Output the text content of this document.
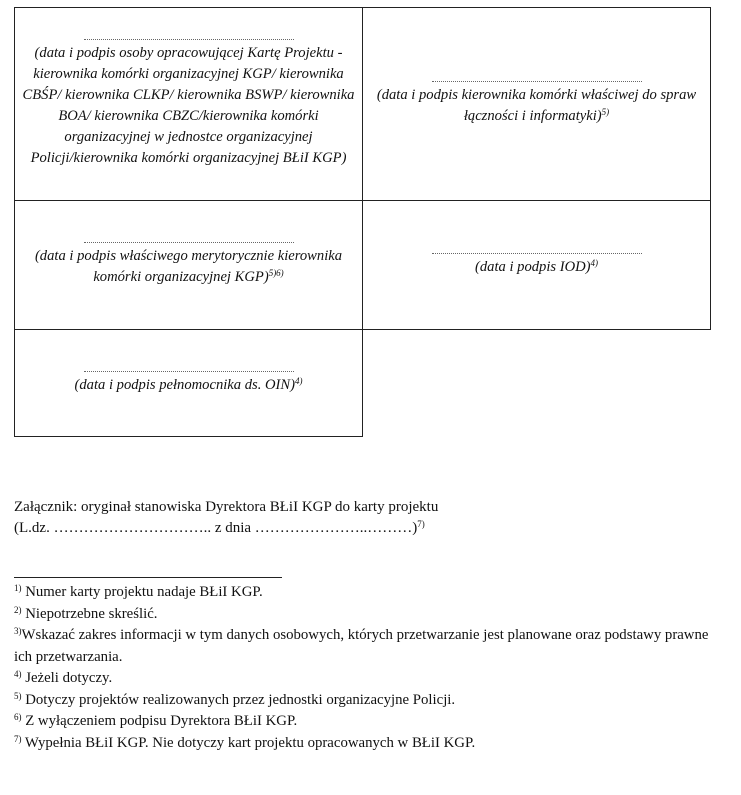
(data i podpis osoby opracowującej Kartę Projektu - kierownika komórki organizacyjnej KGP/ kierownika CBŚP/ kierownika CLKP/ kierownika BSWP/ kierownika BOA/ kierownika CBZC/kierownika komórki organizacyjnej w jednostce organizacyjnej Policji/kierownika komórki organizacyjnej BŁiI KGP)	(data i podpis kierownika komórki właściwej do spraw łączności i informatyki)$^{5)}$

(data i podpis właściwego merytorycznie kierownika komórki organizacyjnej KGP)$^{5)6)}$	(data i podpis IOD)$^{4)}$

(data i podpis pełnomocnika ds. OIN)$^{4)}$	
Załącznik: oryginał stanowiska Dyrektora BŁiI KGP do karty projektu
(L.dz. ………………………….. z dnia …………………..………)$^{7)}$

$^{1)}$ Numer karty projektu nadaje BŁiI KGP.

$^{2)}$ Niepotrzebne skreślić.

$^{3)}$Wskazać zakres informacji w tym danych osobowych, których przetwarzanie jest planowane oraz podstawy prawne ich przetwarzania.

$^{4)}$ Jeżeli dotyczy.

$^{5)}$ Dotyczy projektów realizowanych przez jednostki organizacyjne Policji.

$^{6)}$ Z wyłączeniem podpisu Dyrektora BŁiI KGP.

$^{7)}$ Wypełnia BŁiI KGP. Nie dotyczy kart projektu opracowanych w BŁiI KGP.
